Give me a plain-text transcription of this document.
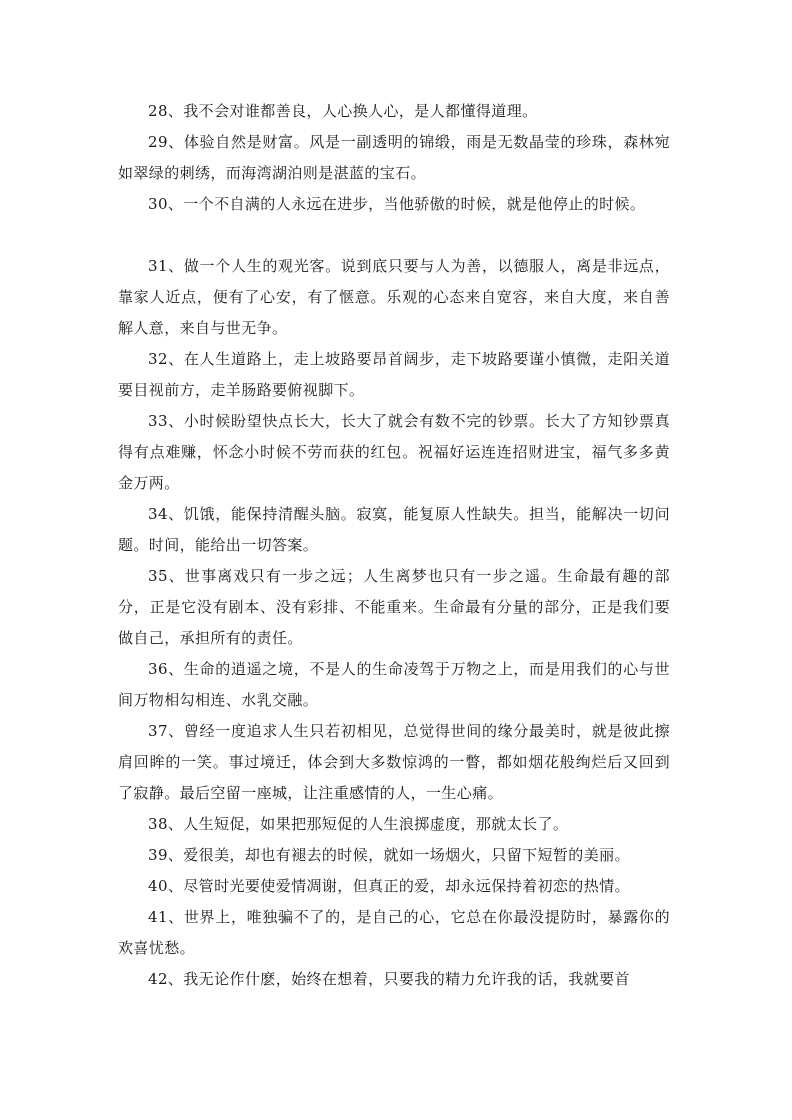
28、我不会对谁都善良，人心换人心，是人都懂得道理。

29、体验自然是财富。风是一副透明的锦缎，雨是无数晶莹的珍珠，森林宛如翠绿的刺绣，而海湾湖泊则是湛蓝的宝石。

30、一个不自满的人永远在进步，当他骄傲的时候，就是他停止的时候。

31、做一个人生的观光客。说到底只要与人为善，以德服人，离是非远点，靠家人近点，便有了心安，有了惬意。乐观的心态来自宽容，来自大度，来自善解人意，来自与世无争。

32、在人生道路上，走上坡路要昂首阔步，走下坡路要谨小慎微，走阳关道要目视前方，走羊肠路要俯视脚下。

33、小时候盼望快点长大，长大了就会有数不完的钞票。长大了方知钞票真得有点难赚，怀念小时候不劳而获的红包。祝福好运连连招财进宝，福气多多黄金万两。

34、饥饿，能保持清醒头脑。寂寞，能复原人性缺失。担当，能解决一切问题。时间，能给出一切答案。

35、世事离戏只有一步之远；人生离梦也只有一步之遥。生命最有趣的部分，正是它没有剧本、没有彩排、不能重来。生命最有分量的部分，正是我们要做自己，承担所有的责任。

36、生命的逍遥之境，不是人的生命凌驾于万物之上，而是用我们的心与世间万物相勾相连、水乳交融。

37、曾经一度追求人生只若初相见，总觉得世间的缘分最美时，就是彼此擦肩回眸的一笑。事过境迁，体会到大多数惊鸿的一瞥，都如烟花般绚烂后又回到了寂静。最后空留一座城，让注重感情的人，一生心痛。

38、人生短促，如果把那短促的人生浪掷虚度，那就太长了。

39、爱很美，却也有褪去的时候，就如一场烟火，只留下短暂的美丽。

40、尽管时光要使爱情凋谢，但真正的爱，却永远保持着初恋的热情。

41、世界上，唯独骗不了的，是自己的心，它总在你最没提防时，暴露你的欢喜忧愁。

42、我无论作什麽，始终在想着，只要我的精力允许我的话，我就要首
